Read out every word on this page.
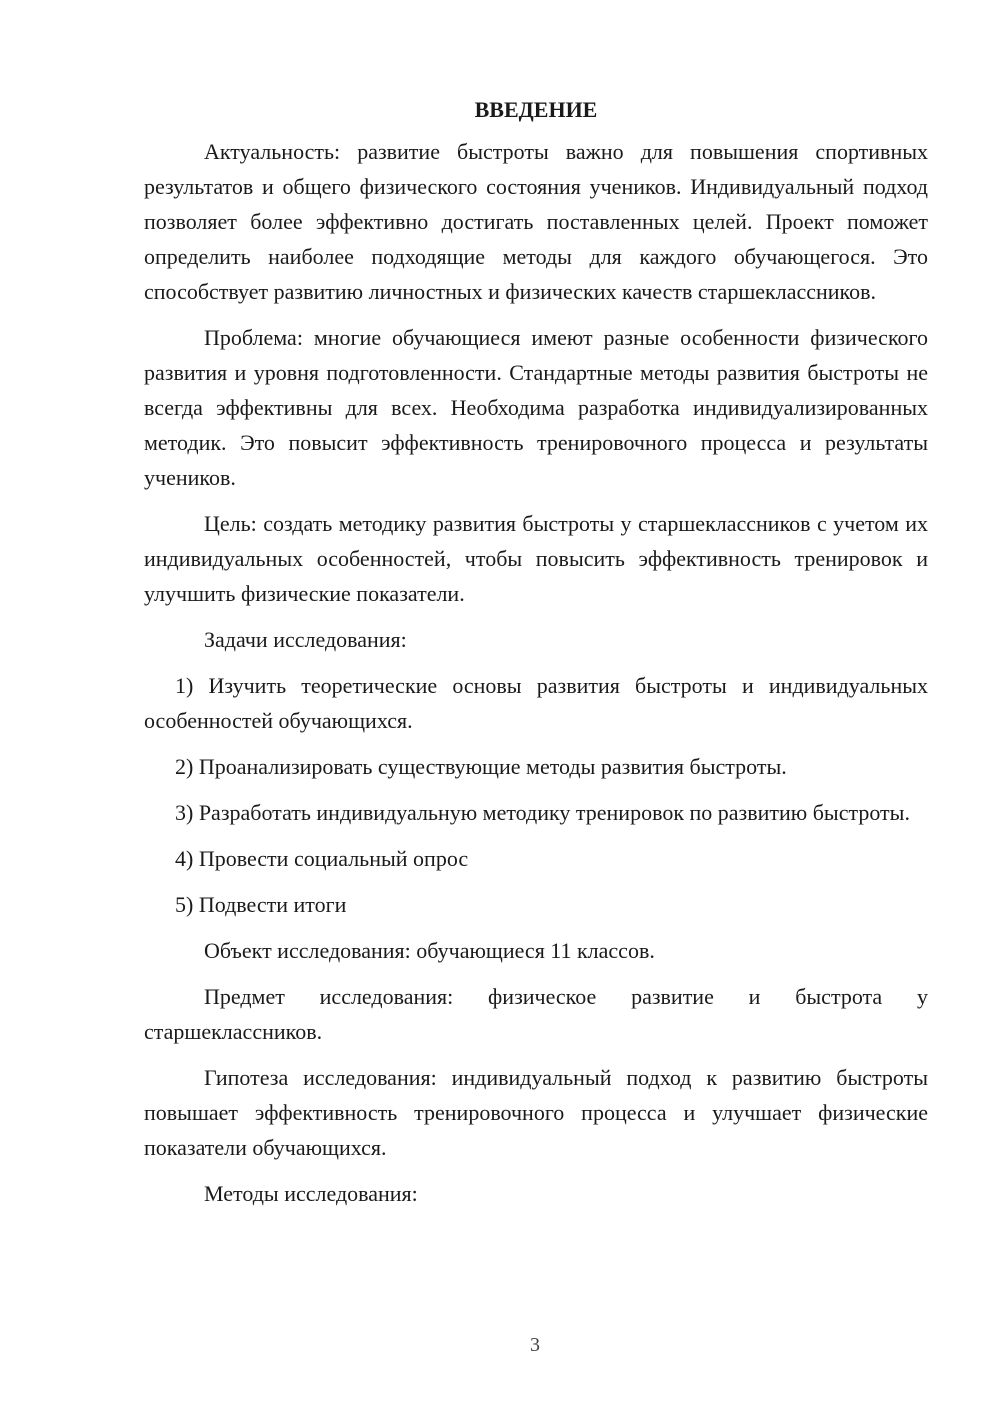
ВВЕДЕНИЕ

Актуальность: развитие быстроты важно для повышения спортивных результатов и общего физического состояния учеников. Индивидуальный подход позволяет более эффективно достигать поставленных целей. Проект поможет определить наиболее подходящие методы для каждого обучающегося. Это способствует развитию личностных и физических качеств старшеклассников.

Проблема: многие обучающиеся имеют разные особенности физического развития и уровня подготовленности. Стандартные методы развития быстроты не всегда эффективны для всех. Необходима разработка индивидуализированных методик. Это повысит эффективность тренировочного процесса и результаты учеников.

Цель: создать методику развития быстроты у старшеклассников с учетом их индивидуальных особенностей, чтобы повысить эффективность тренировок и улучшить физические показатели.

Задачи исследования:

1) Изучить теоретические основы развития быстроты и индивидуальных особенностей обучающихся.

2) Проанализировать существующие методы развития быстроты.

3) Разработать индивидуальную методику тренировок по развитию быстроты.

4) Провести социальный опрос

5) Подвести итоги

Объект исследования: обучающиеся 11 классов.

Предмет исследования: физическое развитие и быстрота у старшеклассников.

Гипотеза исследования: индивидуальный подход к развитию быстроты повышает эффективность тренировочного процесса и улучшает физические показатели обучающихся.

Методы исследования:

3
